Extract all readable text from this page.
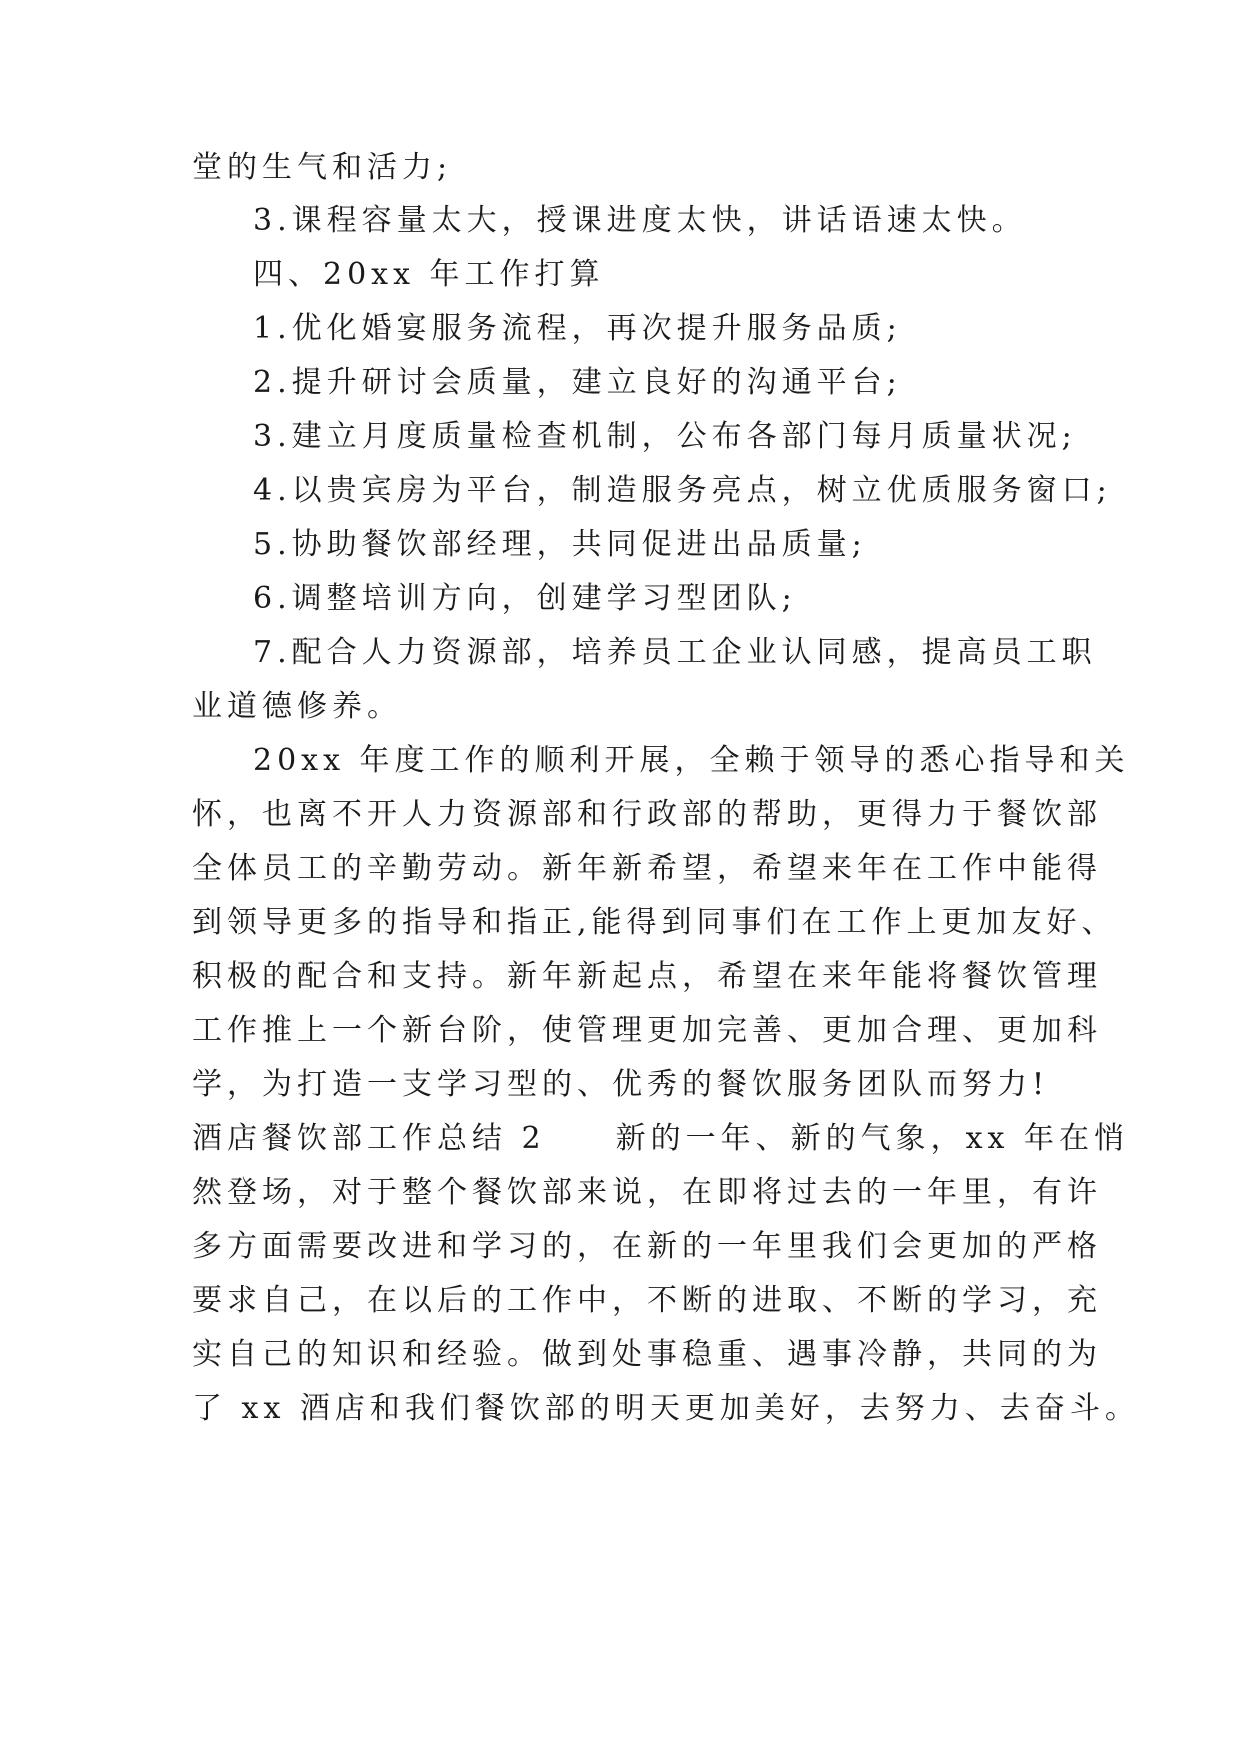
堂的生气和活力;
3.课程容量太大，授课进度太快，讲话语速太快。
四、20xx 年工作打算
1.优化婚宴服务流程，再次提升服务品质;
2.提升研讨会质量，建立良好的沟通平台;
3.建立月度质量检查机制，公布各部门每月质量状况;
4.以贵宾房为平台，制造服务亮点，树立优质服务窗口;
5.协助餐饮部经理，共同促进出品质量;
6.调整培训方向，创建学习型团队;
7.配合人力资源部，培养员工企业认同感，提高员工职
业道德修养。
20xx 年度工作的顺利开展，全赖于领导的悉心指导和关
怀，也离不开人力资源部和行政部的帮助，更得力于餐饮部
全体员工的辛勤劳动。新年新希望，希望来年在工作中能得
到领导更多的指导和指正,能得到同事们在工作上更加友好、
积极的配合和支持。新年新起点，希望在来年能将餐饮管理
工作推上一个新台阶，使管理更加完善、更加合理、更加科
学，为打造一支学习型的、优秀的餐饮服务团队而努力!
酒店餐饮部工作总结 2　　新的一年、新的气象，xx 年在悄
然登场，对于整个餐饮部来说，在即将过去的一年里，有许
多方面需要改进和学习的，在新的一年里我们会更加的严格
要求自己，在以后的工作中，不断的进取、不断的学习，充
实自己的知识和经验。做到处事稳重、遇事冷静，共同的为
了 xx 酒店和我们餐饮部的明天更加美好，去努力、去奋斗。
